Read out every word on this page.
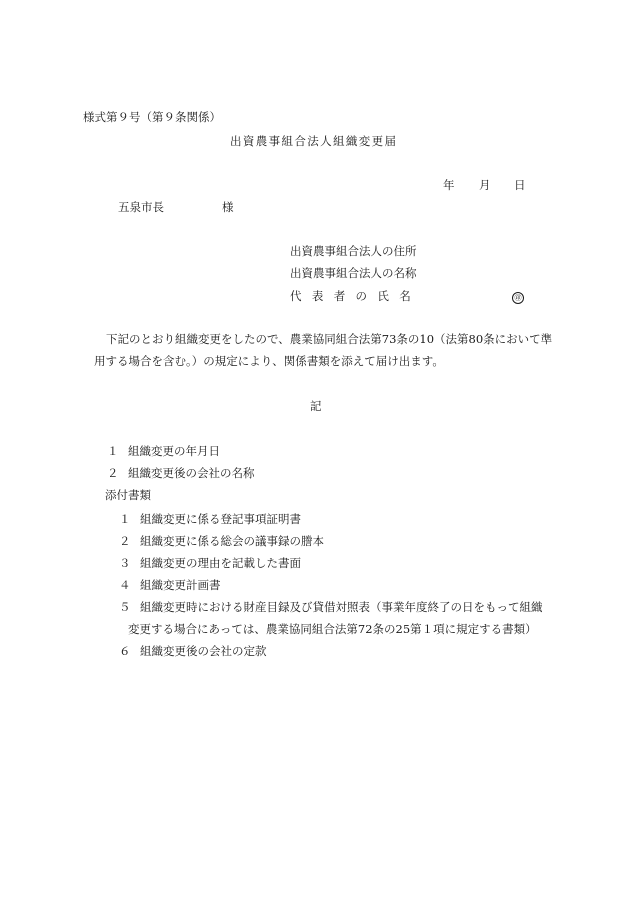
様式第９号（第９条関係）
出資農事組合法人組織変更届
年 月 日
五泉市長	様
出資農事組合法人の住所
出資農事組合法人の名称
代表者の氏名	㊞
下記のとおり組織変更をしたので、農業協同組合法第73条の10（法第80条において準
用する場合を含む。）の規定により、関係書類を添えて届け出ます。
記
１ 組織変更の年月日
２ 組織変更後の会社の名称
添付書類
１ 組織変更に係る登記事項証明書
２ 組織変更に係る総会の議事録の謄本
３ 組織変更の理由を記載した書面
４ 組織変更計画書
５ 組織変更時における財産目録及び貸借対照表（事業年度終了の日をもって組織
変更する場合にあっては、農業協同組合法第72条の25第１項に規定する書類）
６ 組織変更後の会社の定款
